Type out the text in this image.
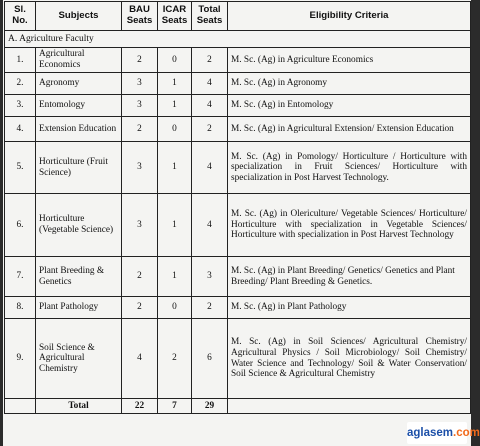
Sl. No.	Subjects	BAU Seats	ICAR Seats	Total Seats	Eligibility Criteria
A. Agriculture Faculty					
1.	Agricultural Economics	2	0	2	M. Sc. (Ag) in Agriculture Economics
2.	Agronomy	3	1	4	M. Sc. (Ag) in Agronomy
3.	Entomology	3	1	4	M. Sc. (Ag) in Entomology
4.	Extension Education	2	0	2	M. Sc. (Ag) in Agricultural Extension/ Extension Education
5.	Horticulture (Fruit Science)	3	1	4	M. Sc. (Ag) in Pomology/ Horticulture / Horticulture with specialization in Fruit Sciences/ Horticulture with specialization in Post Harvest Technology.
6.	Horticulture (Vegetable Science)	3	1	4	M. Sc. (Ag) in Olericulture/ Vegetable Sciences/ Horticulture/ Horticulture with specialization in Vegetable Sciences/ Horticulture with specialization in Post Harvest Technology
7.	Plant Breeding & Genetics	2	1	3	M. Sc. (Ag) in Plant Breeding/ Genetics/ Genetics and Plant Breeding/ Plant Breeding & Genetics.
8.	Plant Pathology	2	0	2	M. Sc. (Ag) in Plant Pathology
9.	Soil Science & Agricultural Chemistry	4	2	6	M. Sc. (Ag) in Soil Sciences/ Agricultural Chemistry/ Agricultural Physics / Soil Microbiology/ Soil Chemistry/ Water Science and Technology/ Soil & Water Conservation/ Soil Science & Agricultural Chemistry
	Total	22	7	29	
aglasem.com
